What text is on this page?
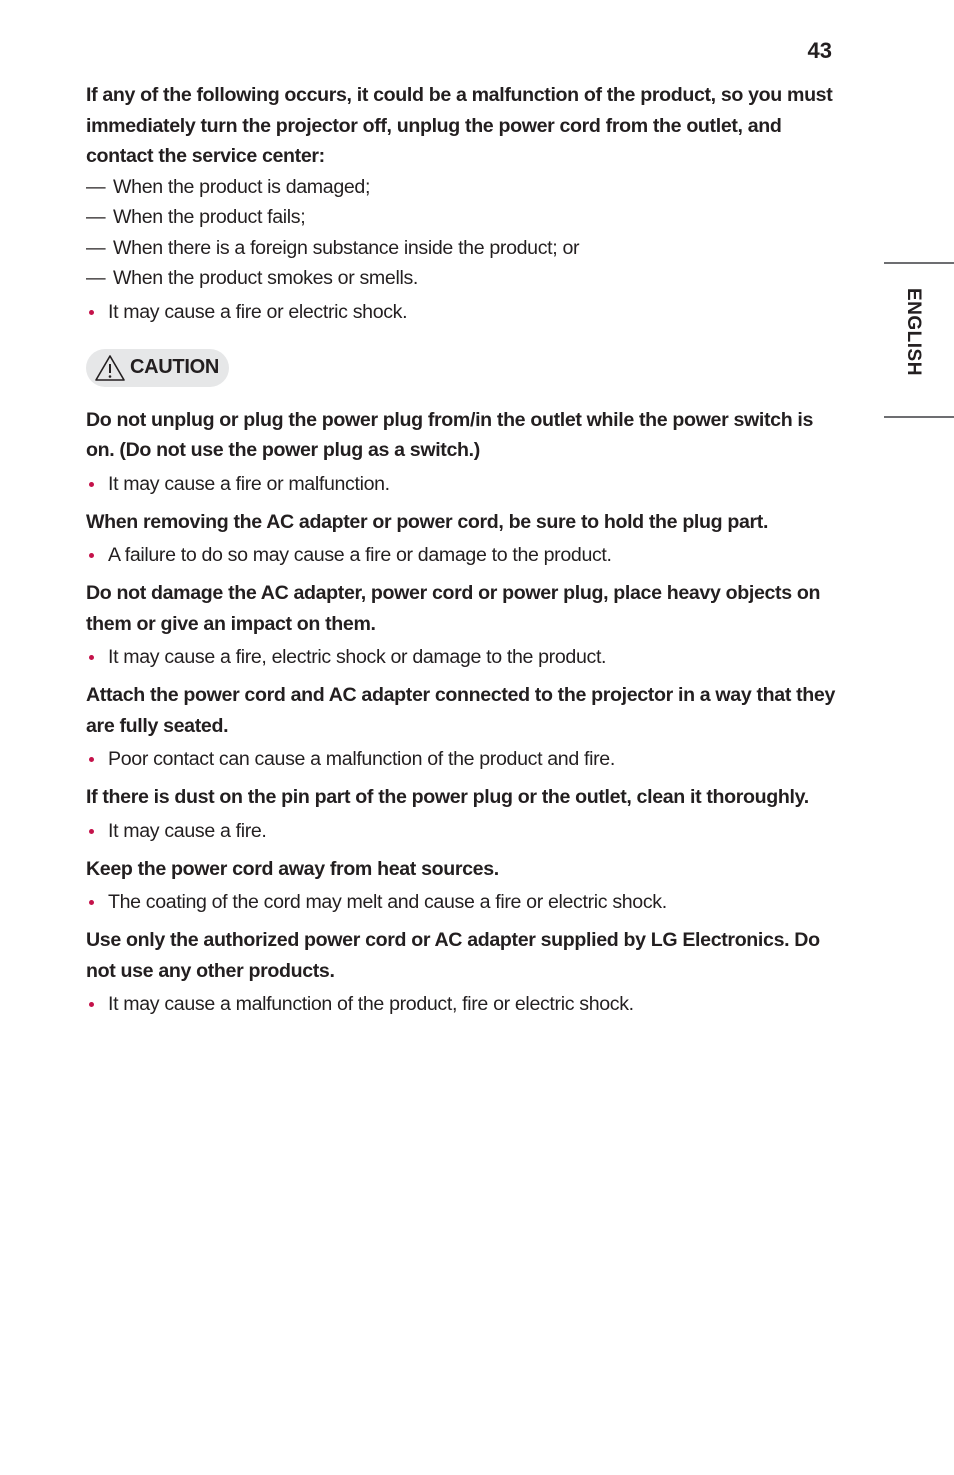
43
ENGLISH

If any of the following occurs, it could be a malfunction of the product, so you must immediately turn the projector off, unplug the power cord from the outlet, and contact the service center:

— When the product is damaged;
— When the product fails;
— When there is a foreign substance inside the product; or
— When the product smokes or smells.
It may cause a fire or electric shock.
CAUTION

Do not unplug or plug the power plug from/in the outlet while the power switch is on. (Do not use the power plug as a switch.)

It may cause a fire or malfunction.

When removing the AC adapter or power cord, be sure to hold the plug part.

A failure to do so may cause a fire or damage to the product.

Do not damage the AC adapter, power cord or power plug, place heavy objects on them or give an impact on them.

It may cause a fire, electric shock or damage to the product.

Attach the power cord and AC adapter connected to the projector in a way that they are fully seated.

Poor contact can cause a malfunction of the product and fire.

If there is dust on the pin part of the power plug or the outlet, clean it thoroughly.

It may cause a fire.

Keep the power cord away from heat sources.

The coating of the cord may melt and cause a fire or electric shock.

Use only the authorized power cord or AC adapter supplied by LG Electronics. Do not use any other products.

It may cause a malfunction of the product, fire or electric shock.
